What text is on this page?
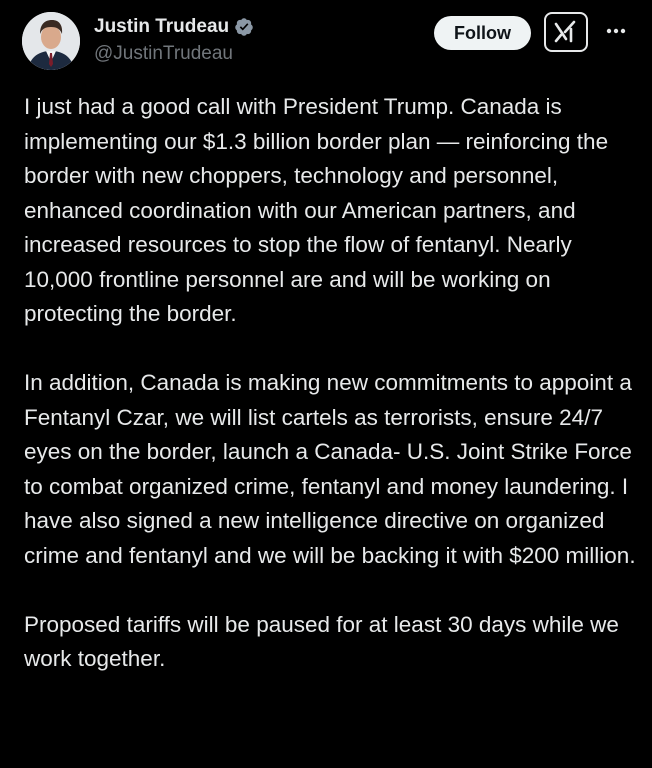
Justin Trudeau
@JustinTrudeau
Follow

I just had a good call with President Trump. Canada is implementing our $1.3 billion border plan — reinforcing the border with new choppers, technology and personnel, enhanced coordination with our American partners, and increased resources to stop the flow of fentanyl. Nearly 10,000 frontline personnel are and will be working on protecting the border.

In addition, Canada is making new commitments to appoint a Fentanyl Czar, we will list cartels as terrorists, ensure 24/7 eyes on the border, launch a Canada- U.S. Joint Strike Force to combat organized crime, fentanyl and money laundering. I have also signed a new intelligence directive on organized crime and fentanyl and we will be backing it with $200 million.

Proposed tariffs will be paused for at least 30 days while we work together.
